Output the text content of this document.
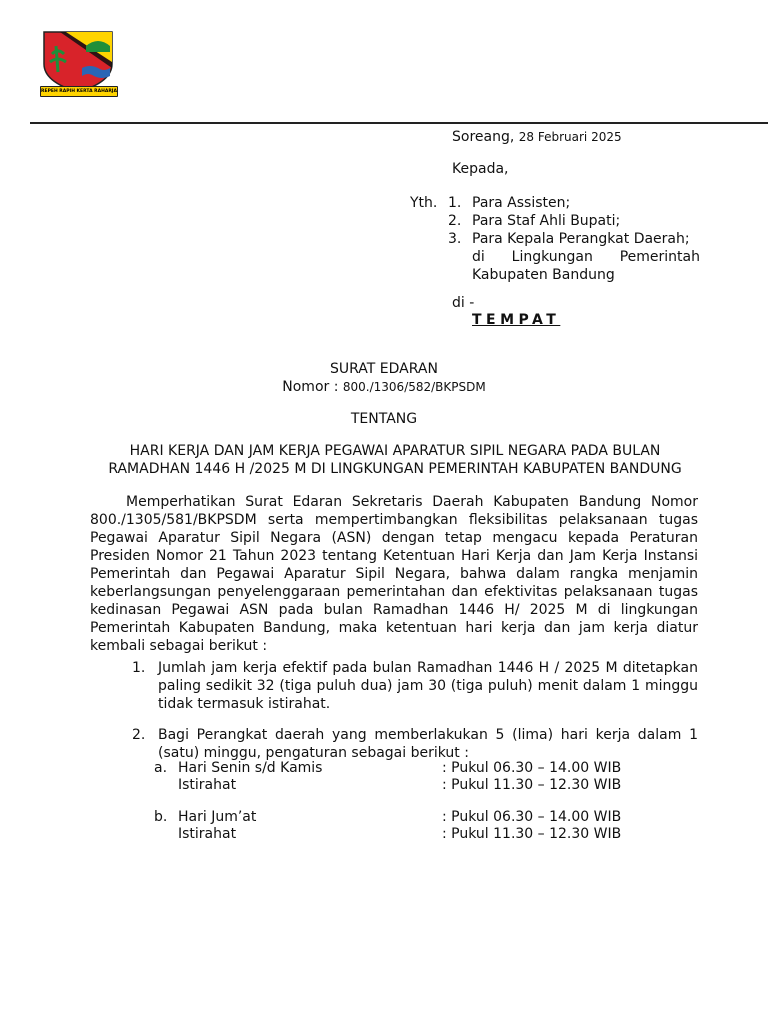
REPEH RAPIH KERTA RAHARJA
Soreang, 28 Februari 2025
Kepada,
Yth. 1. Para Assisten;
2. Para Staf Ahli Bupati;
3. Para Kepala Perangkat Daerah;
di Lingkungan Pemerintah
Kabupaten Bandung
di -
TEMPAT
SURAT EDARAN
Nomor : 800./1306/582/BKPSDM
TENTANG
HARI KERJA DAN JAM KERJA PEGAWAI APARATUR SIPIL NEGARA PADA BULAN
RAMADHAN 1446 H /2025 M DI LINGKUNGAN PEMERINTAH KABUPATEN BANDUNG
Memperhatikan Surat Edaran Sekretaris Daerah Kabupaten Bandung Nomor 800./1305/581/BKPSDM serta mempertimbangkan fleksibilitas pelaksanaan tugas Pegawai Aparatur Sipil Negara (ASN) dengan tetap mengacu kepada Peraturan Presiden Nomor 21 Tahun 2023 tentang Ketentuan Hari Kerja dan Jam Kerja Instansi Pemerintah dan Pegawai Aparatur Sipil Negara, bahwa dalam rangka menjamin keberlangsungan penyelenggaraan pemerintahan dan efektivitas pelaksanaan tugas kedinasan Pegawai ASN pada bulan Ramadhan 1446 H/ 2025 M di lingkungan Pemerintah Kabupaten Bandung, maka ketentuan hari kerja dan jam kerja diatur kembali sebagai berikut :
1. Jumlah jam kerja efektif pada bulan Ramadhan 1446 H / 2025 M ditetapkan paling sedikit 32 (tiga puluh dua) jam 30 (tiga puluh) menit dalam 1 minggu tidak termasuk istirahat.
2. Bagi Perangkat daerah yang memberlakukan 5 (lima) hari kerja dalam 1 (satu) minggu, pengaturan sebagai berikut :
a. Hari Senin s/d Kamis	: Pukul 06.30 – 14.00 WIB
Istirahat	: Pukul 11.30 – 12.30 WIB
b. Hari Jum’at	: Pukul 06.30 – 14.00 WIB
Istirahat	: Pukul 11.30 – 12.30 WIB
